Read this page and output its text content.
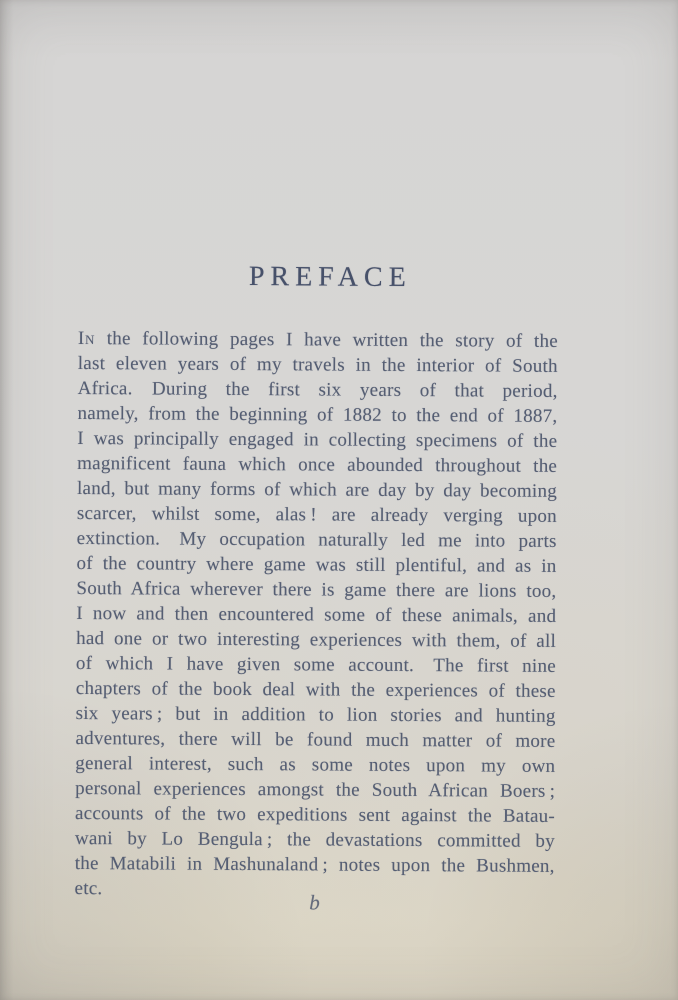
PREFACE
In the following pages I have written the story of the
last eleven years of my travels in the interior of South
Africa. During the first six years of that period,
namely, from the beginning of 1882 to the end of 1887,
I was principally engaged in collecting specimens of the
magnificent fauna which once abounded throughout the
land, but many forms of which are day by day becoming
scarcer, whilst some, alas ! are already verging upon
extinction. My occupation naturally led me into parts
of the country where game was still plentiful, and as in
South Africa wherever there is game there are lions too,
I now and then encountered some of these animals, and
had one or two interesting experiences with them, of all
of which I have given some account. The first nine
chapters of the book deal with the experiences of these
six years ; but in addition to lion stories and hunting
adventures, there will be found much matter of more
general interest, such as some notes upon my own
personal experiences amongst the South African Boers ;
accounts of the two expeditions sent against the Batau-
wani by Lo Bengula ; the devastations committed by
the Matabili in Mashunaland ; notes upon the Bushmen,
etc.
b
